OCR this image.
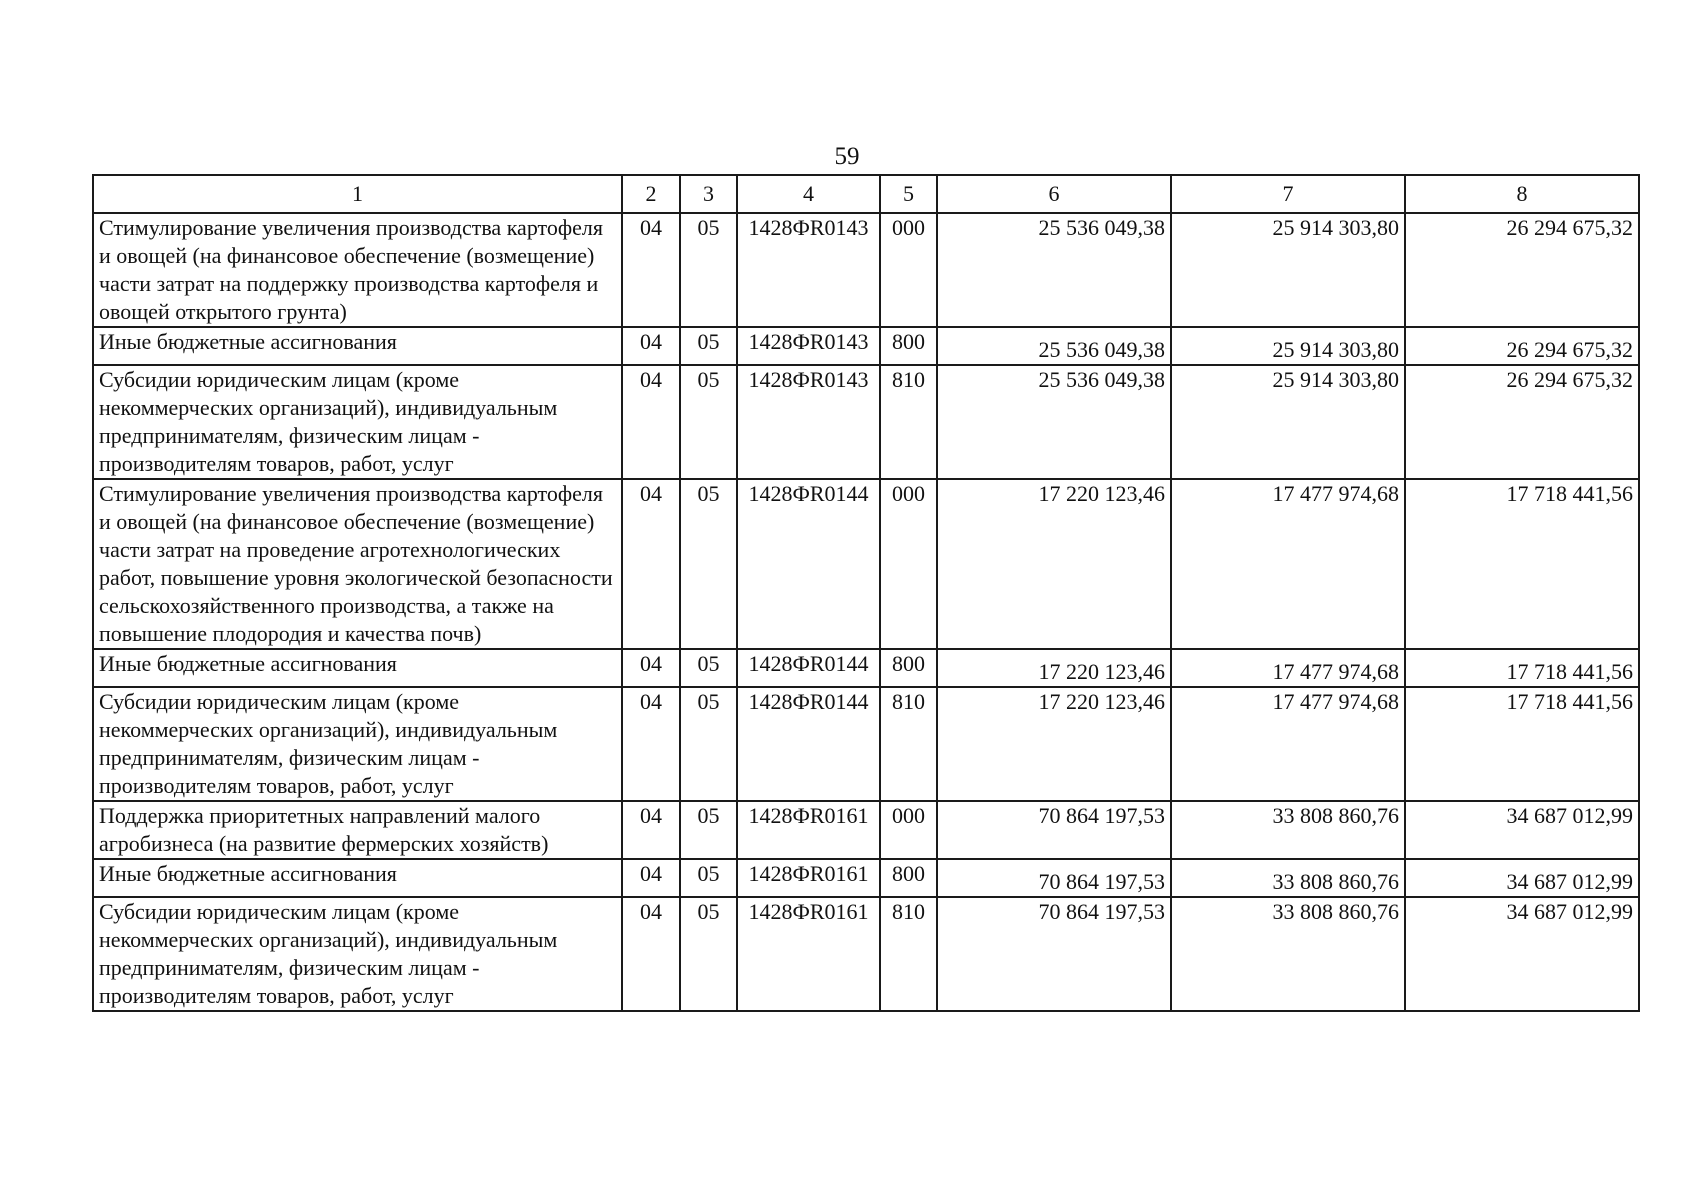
59
1	2	3	4	5	6	7	8
Стимулирование увеличения производства картофеля и овощей (на финансовое обеспечение (возмещение) части затрат на поддержку производства картофеля и овощей открытого грунта)	04	05	1428ФR0143	000	25 536 049,38	25 914 303,80	26 294 675,32
Иные бюджетные ассигнования	04	05	1428ФR0143	800	25 536 049,38	25 914 303,80	26 294 675,32
Субсидии юридическим лицам (кроме некоммерческих организаций), индивидуальным предпринимателям, физическим лицам - производителям товаров, работ, услуг	04	05	1428ФR0143	810	25 536 049,38	25 914 303,80	26 294 675,32
Стимулирование увеличения производства картофеля и овощей (на финансовое обеспечение (возмещение) части затрат на проведение агротехнологических работ, повышение уровня экологической безопасности сельскохозяйственного производства, а также на повышение плодородия и качества почв)	04	05	1428ФR0144	000	17 220 123,46	17 477 974,68	17 718 441,56
Иные бюджетные ассигнования	04	05	1428ФR0144	800	17 220 123,46	17 477 974,68	17 718 441,56
Субсидии юридическим лицам (кроме некоммерческих организаций), индивидуальным предпринимателям, физическим лицам - производителям товаров, работ, услуг	04	05	1428ФR0144	810	17 220 123,46	17 477 974,68	17 718 441,56
Поддержка приоритетных направлений малого агробизнеса (на развитие фермерских хозяйств)	04	05	1428ФR0161	000	70 864 197,53	33 808 860,76	34 687 012,99
Иные бюджетные ассигнования	04	05	1428ФR0161	800	70 864 197,53	33 808 860,76	34 687 012,99
Субсидии юридическим лицам (кроме некоммерческих организаций), индивидуальным предпринимателям, физическим лицам - производителям товаров, работ, услуг	04	05	1428ФR0161	810	70 864 197,53	33 808 860,76	34 687 012,99
